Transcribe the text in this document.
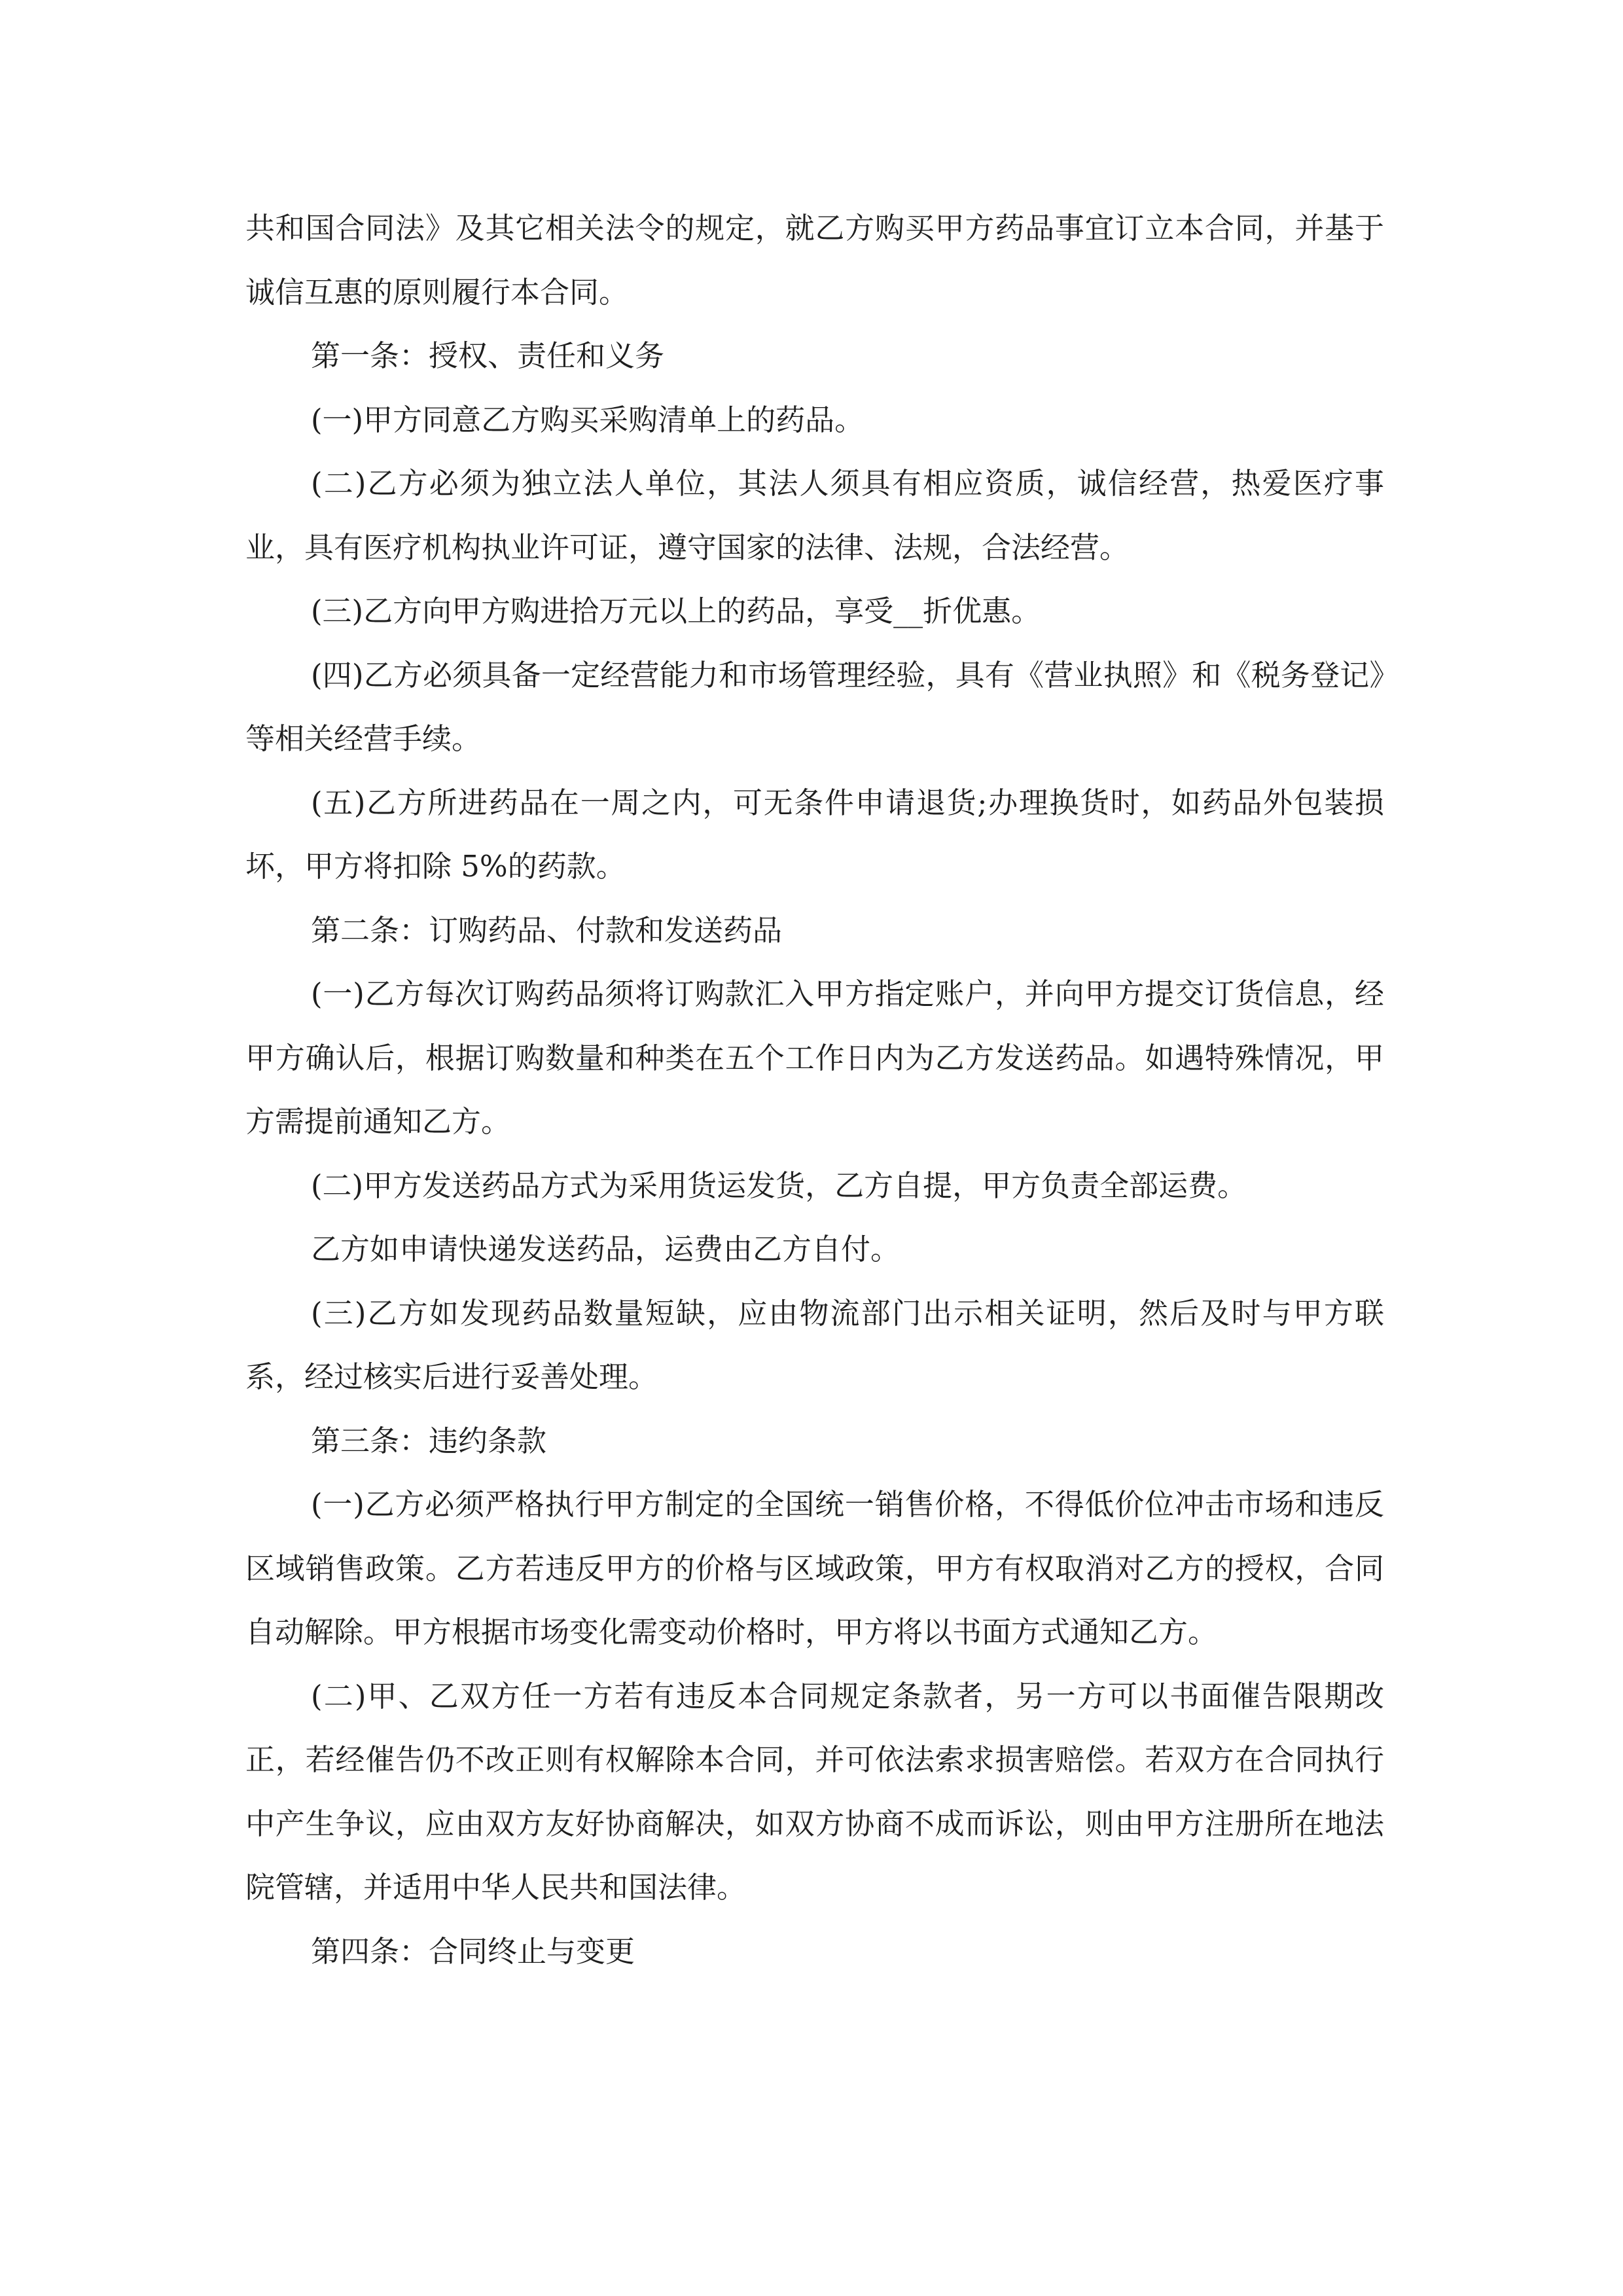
共和国合同法》及其它相关法令的规定，就乙方购买甲方药品事宜订立本合同，并基于诚信互惠的原则履行本合同。

第一条：授权、责任和义务

(一)甲方同意乙方购买采购清单上的药品。

(二)乙方必须为独立法人单位，其法人须具有相应资质，诚信经营，热爱医疗事业，具有医疗机构执业许可证，遵守国家的法律、法规，合法经营。

(三)乙方向甲方购进拾万元以上的药品，享受__折优惠。

(四)乙方必须具备一定经营能力和市场管理经验，具有《营业执照》和《税务登记》等相关经营手续。

(五)乙方所进药品在一周之内，可无条件申请退货;办理换货时，如药品外包装损坏，甲方将扣除 5%的药款。

第二条：订购药品、付款和发送药品

(一)乙方每次订购药品须将订购款汇入甲方指定账户，并向甲方提交订货信息，经甲方确认后，根据订购数量和种类在五个工作日内为乙方发送药品。如遇特殊情况，甲方需提前通知乙方。

(二)甲方发送药品方式为采用货运发货，乙方自提，甲方负责全部运费。

乙方如申请快递发送药品，运费由乙方自付。

(三)乙方如发现药品数量短缺，应由物流部门出示相关证明，然后及时与甲方联系，经过核实后进行妥善处理。

第三条：违约条款

(一)乙方必须严格执行甲方制定的全国统一销售价格，不得低价位冲击市场和违反区域销售政策。乙方若违反甲方的价格与区域政策，甲方有权取消对乙方的授权，合同自动解除。甲方根据市场变化需变动价格时，甲方将以书面方式通知乙方。

(二)甲、乙双方任一方若有违反本合同规定条款者，另一方可以书面催告限期改正，若经催告仍不改正则有权解除本合同，并可依法索求损害赔偿。若双方在合同执行中产生争议，应由双方友好协商解决，如双方协商不成而诉讼，则由甲方注册所在地法院管辖，并适用中华人民共和国法律。

第四条：合同终止与变更
